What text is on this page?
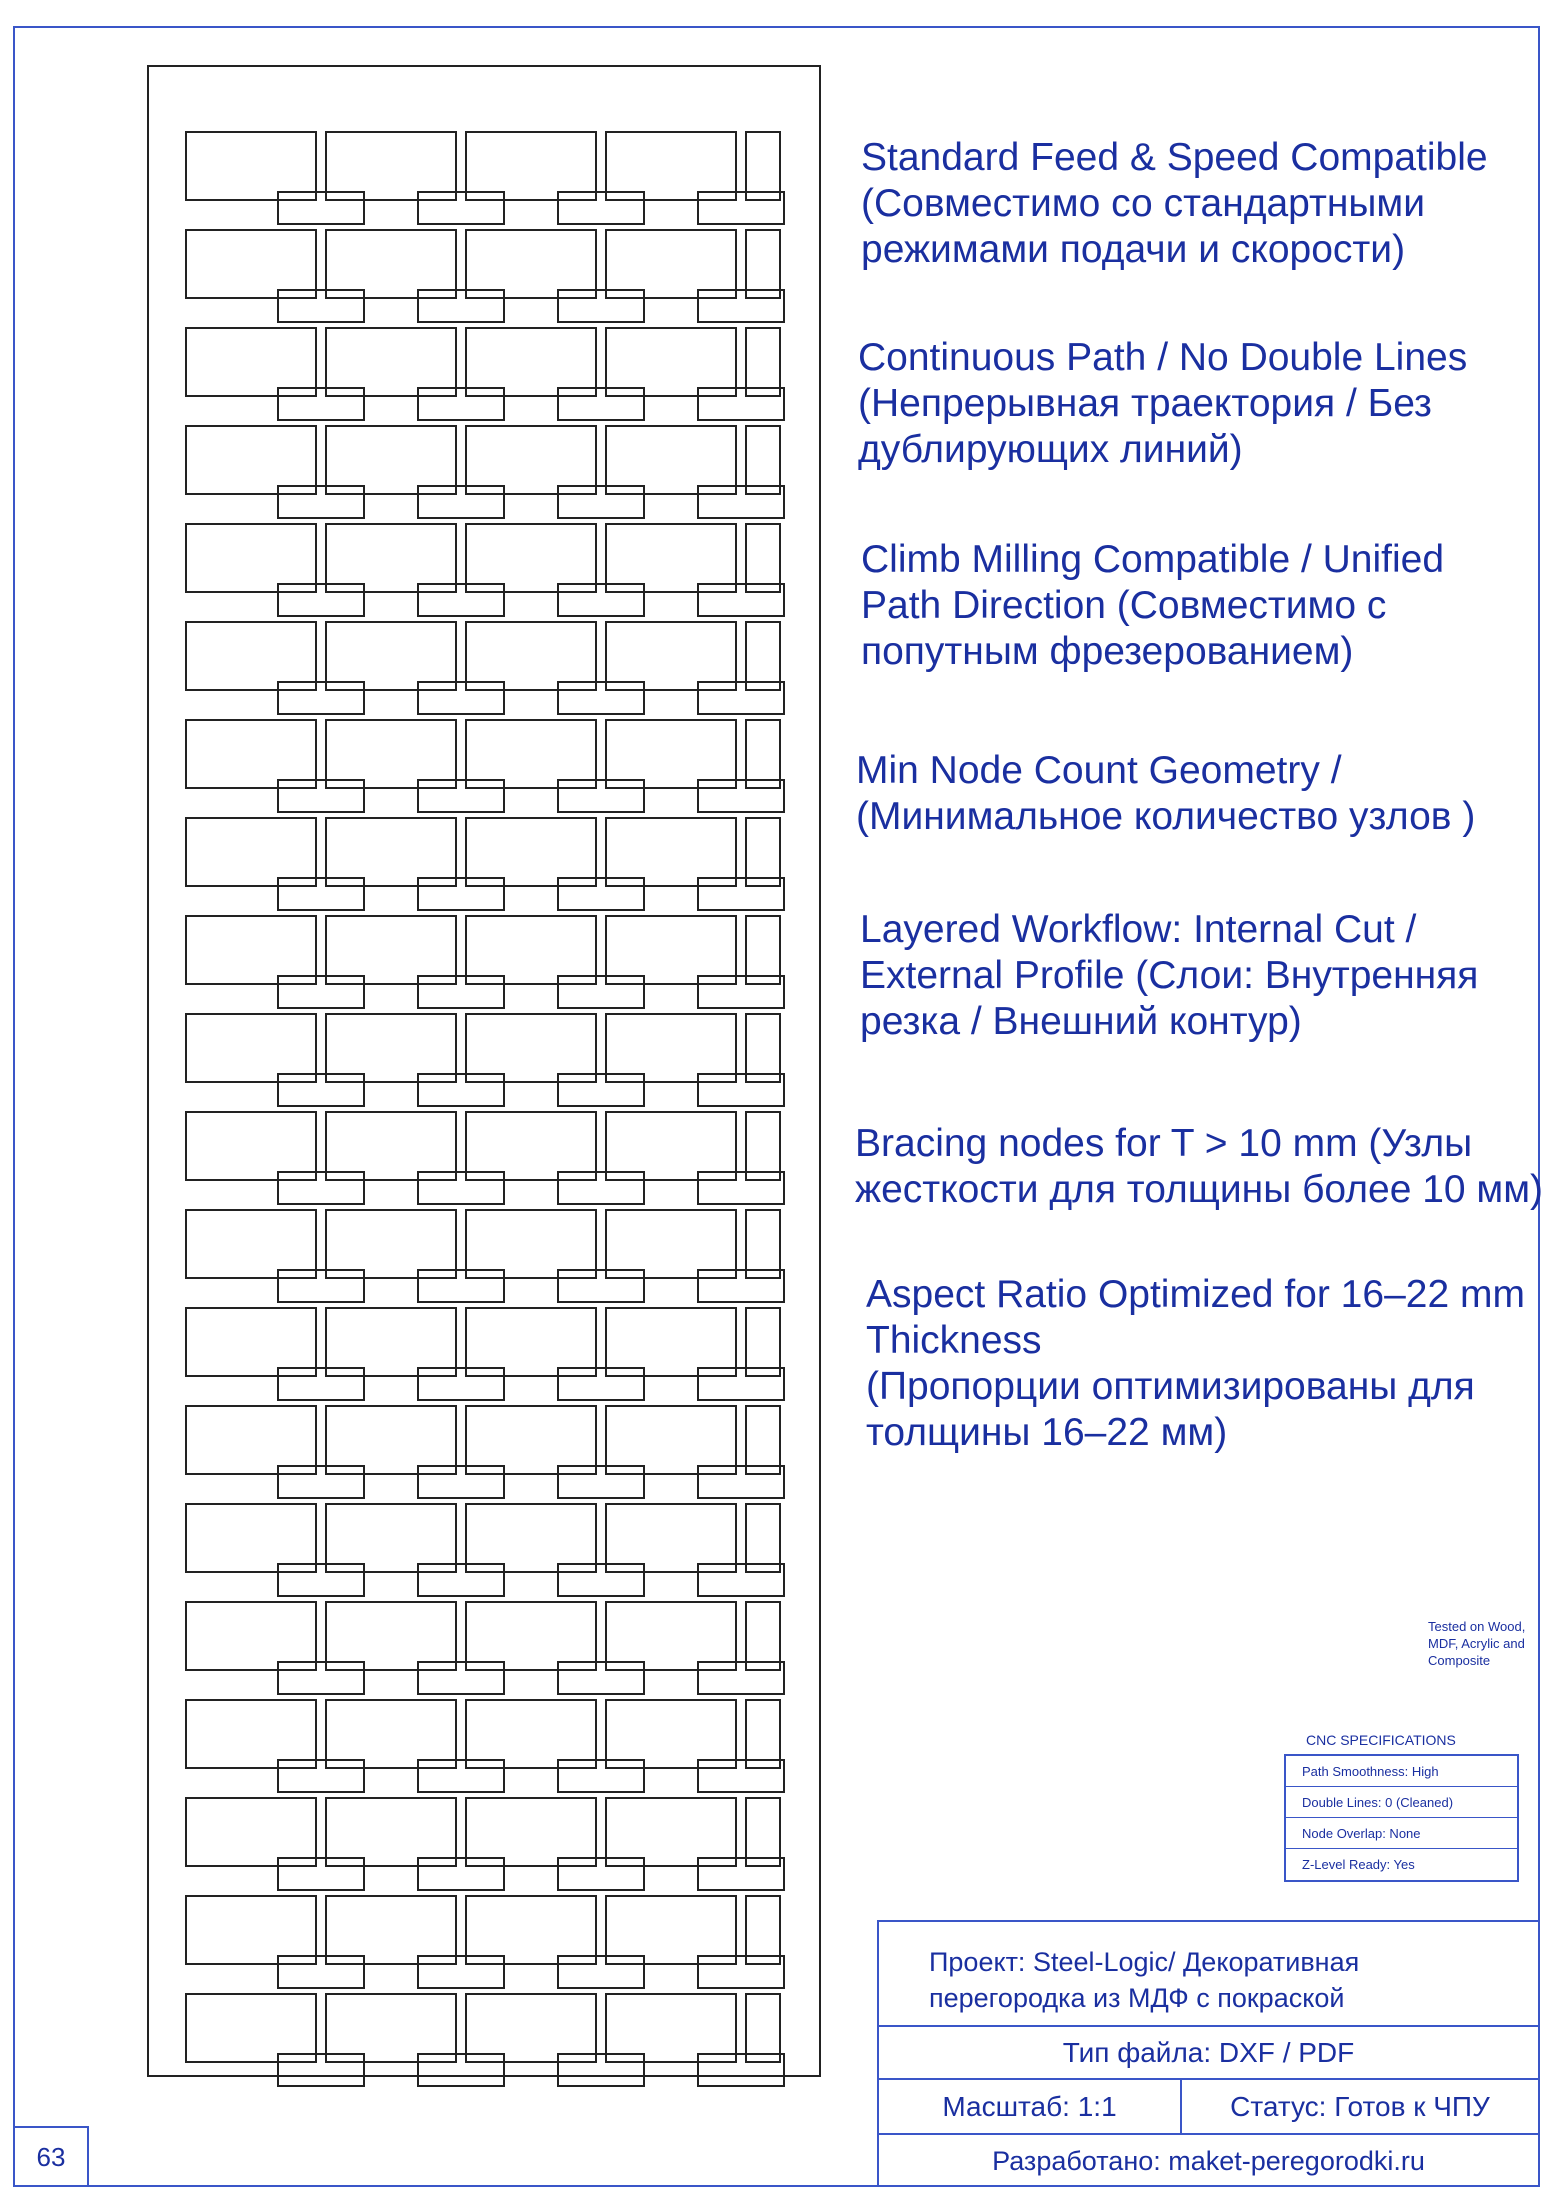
Standard Feed & Speed Compatible
(Совместимо со стандартными
режимами подачи и скорости)
Continuous Path / No Double Lines
(Непрерывная траектория / Без
дублирующих линий)
Climb Milling Compatible / Unified
Path Direction (Совместимо с
попутным фрезерованием)
Min Node Count Geometry /
(Минимальное количество узлов )
Layered Workflow: Internal Cut /
External Profile (Слои: Внутренняя
резка / Внешний контур)
Bracing nodes for T > 10 mm (Узлы
жесткости для толщины более 10 мм)
Aspect Ratio Optimized for 16–22 mm
Thickness
(Пропорции оптимизированы для
толщины 16–22 мм)
Tested on Wood, MDF, Acrylic and Composite
CNC SPECIFICATIONS
Path Smoothness: High
Double Lines: 0 (Cleaned)
Node Overlap: None
Z-Level Ready: Yes
Проект: Steel-Logic/ Декоративная перегородка из МДФ с покраской
Тип файла: DXF / PDF
Масштаб: 1:1	Статус: Готов к ЧПУ
Разработано: maket-peregorodki.ru
63
